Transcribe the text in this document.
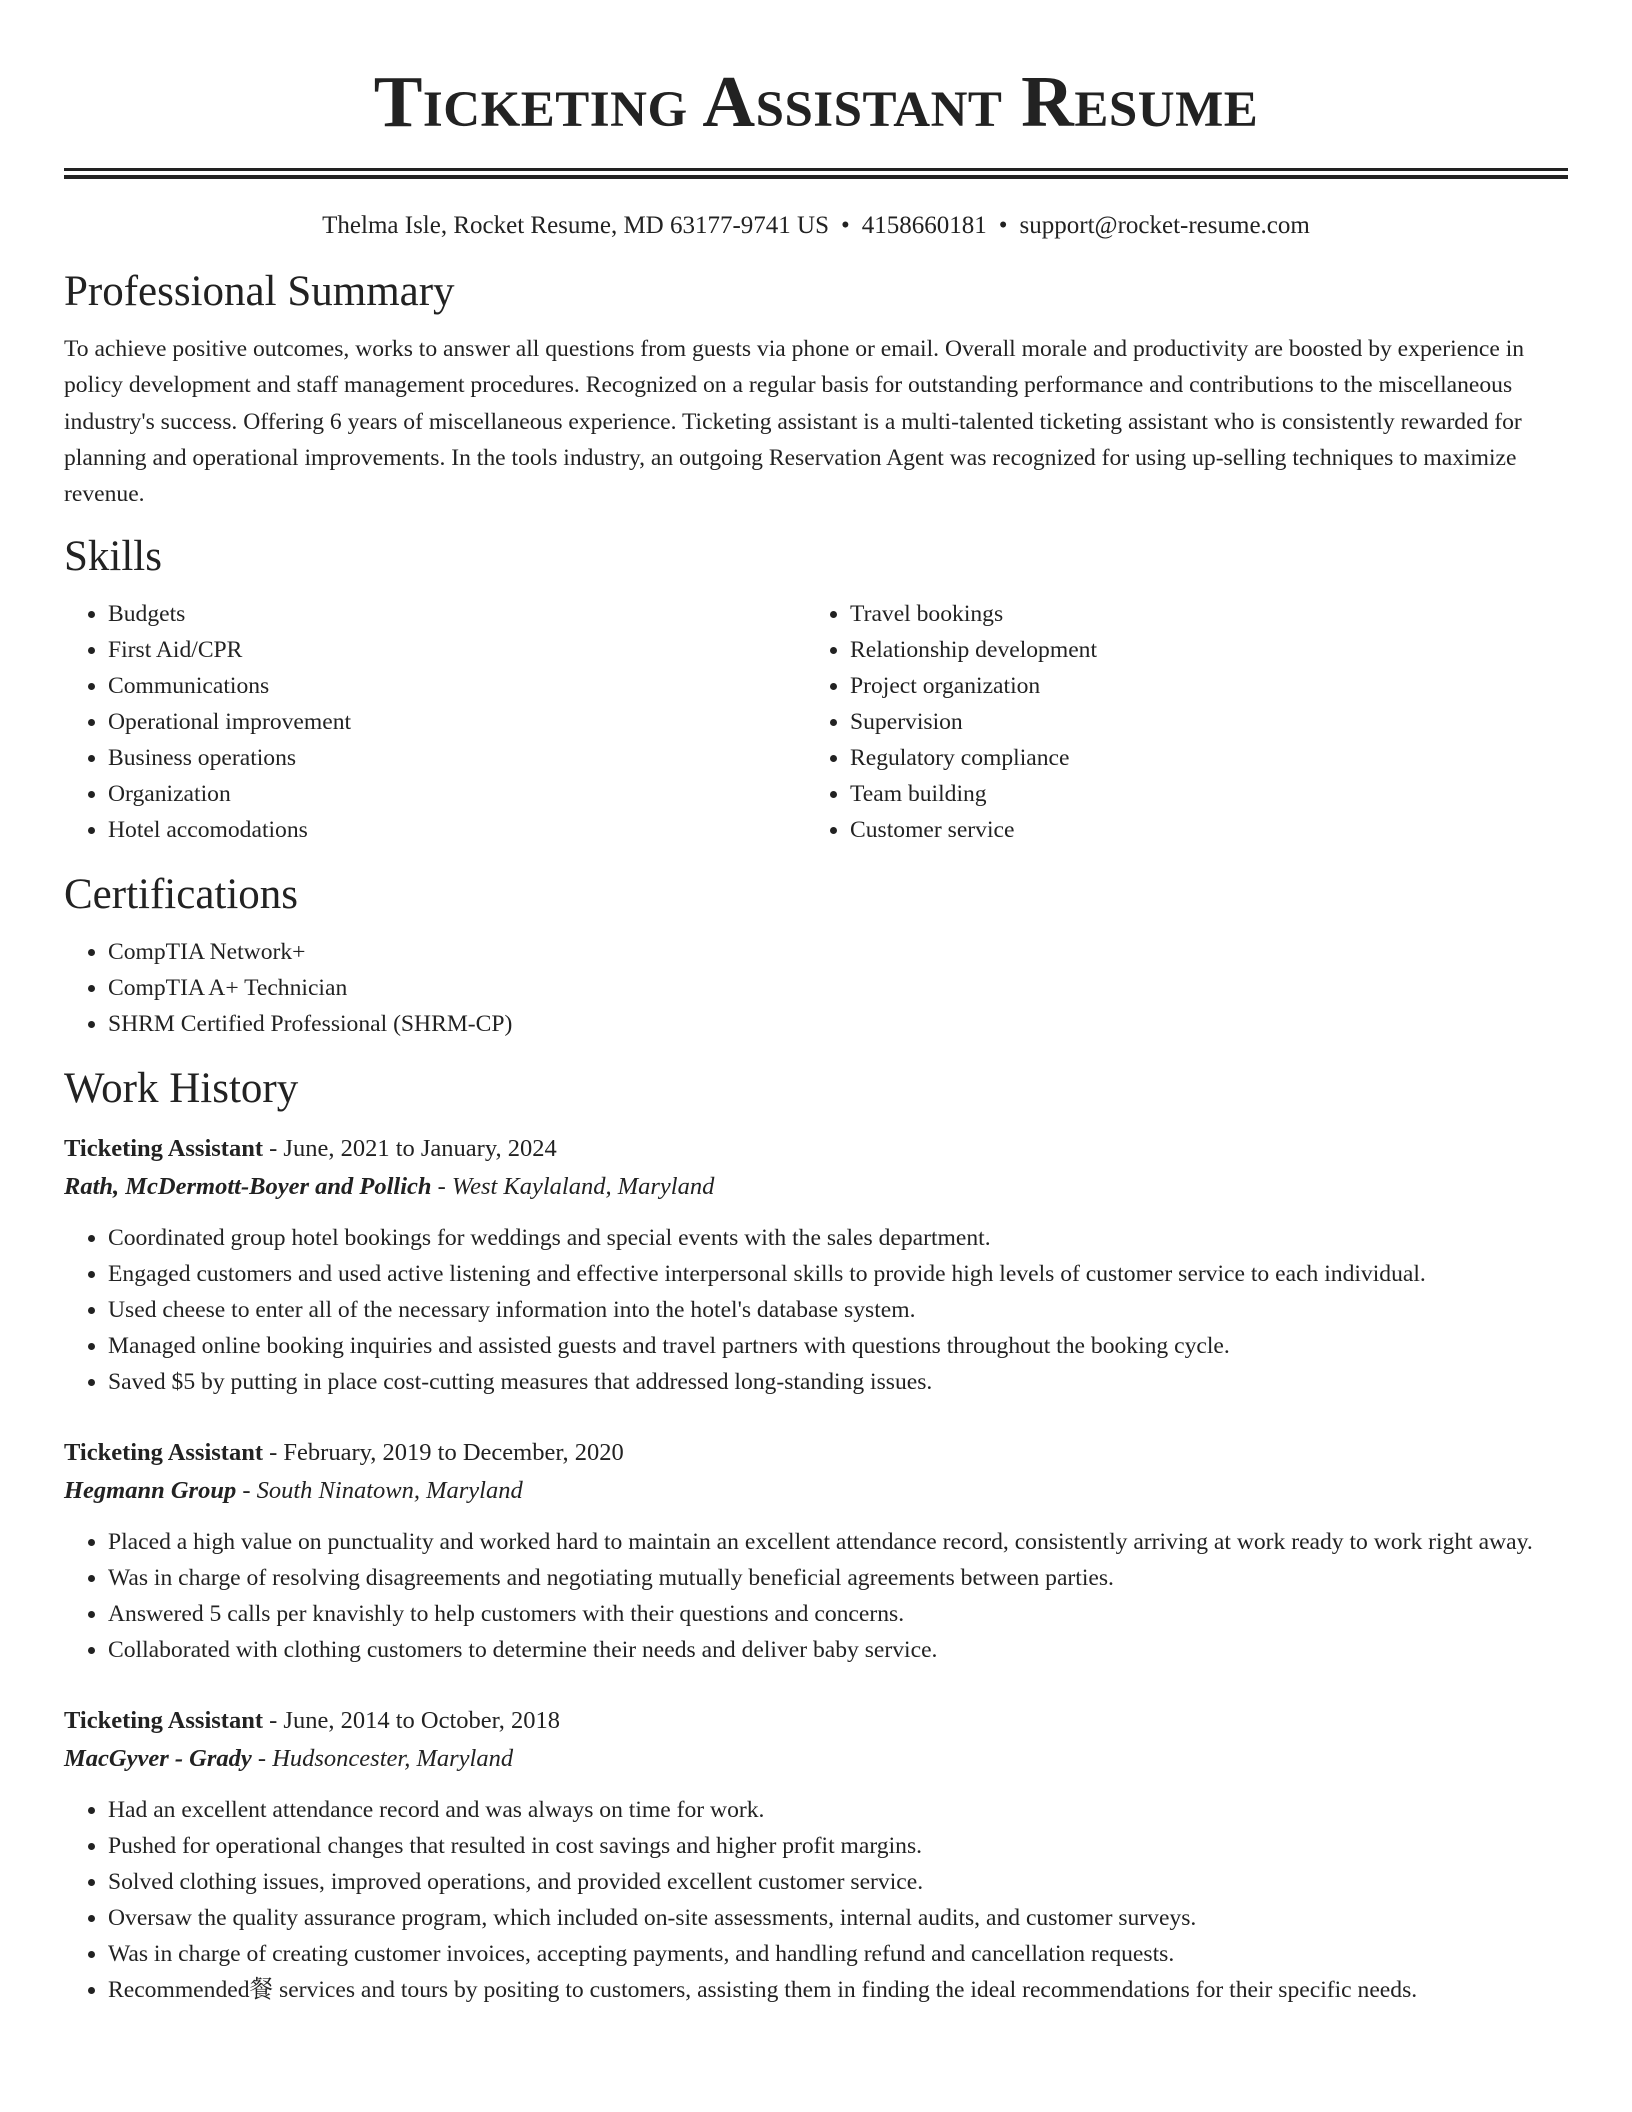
Ticketing Assistant Resume
Thelma Isle, Rocket Resume, MD 63177-9741 US • 4158660181 • support@rocket-resume.com
Professional Summary

To achieve positive outcomes, works to answer all questions from guests via phone or email. Overall morale and productivity are boosted by experience in policy development and staff management procedures. Recognized on a regular basis for outstanding performance and contributions to the miscellaneous industry's success. Offering 6 years of miscellaneous experience. Ticketing assistant is a multi-talented ticketing assistant who is consistently rewarded for planning and operational improvements. In the tools industry, an outgoing Reservation Agent was recognized for using up-selling techniques to maximize revenue.

Skills
• Budgets
• First Aid/CPR
• Communications
• Operational improvement
• Business operations
• Organization
• Hotel accomodations
• Travel bookings
• Relationship development
• Project organization
• Supervision
• Regulatory compliance
• Team building
• Customer service
Certifications
• CompTIA Network+
• CompTIA A+ Technician
• SHRM Certified Professional (SHRM-CP)
Work History
Ticketing Assistant - June, 2021 to January, 2024
Rath, McDermott-Boyer and Pollich - West Kaylaland, Maryland
• Coordinated group hotel bookings for weddings and special events with the sales department.
• Engaged customers and used active listening and effective interpersonal skills to provide high levels of customer service to each individual.
• Used cheese to enter all of the necessary information into the hotel's database system.
• Managed online booking inquiries and assisted guests and travel partners with questions throughout the booking cycle.
• Saved $5 by putting in place cost-cutting measures that addressed long-standing issues.
Ticketing Assistant - February, 2019 to December, 2020
Hegmann Group - South Ninatown, Maryland
• Placed a high value on punctuality and worked hard to maintain an excellent attendance record, consistently arriving at work ready to work right away.
• Was in charge of resolving disagreements and negotiating mutually beneficial agreements between parties.
• Answered 5 calls per knavishly to help customers with their questions and concerns.
• Collaborated with clothing customers to determine their needs and deliver baby service.
Ticketing Assistant - June, 2014 to October, 2018
MacGyver - Grady - Hudsoncester, Maryland
• Had an excellent attendance record and was always on time for work.
• Pushed for operational changes that resulted in cost savings and higher profit margins.
• Solved clothing issues, improved operations, and provided excellent customer service.
• Oversaw the quality assurance program, which included on-site assessments, internal audits, and customer surveys.
• Was in charge of creating customer invoices, accepting payments, and handling refund and cancellation requests.
• Recommended餐 services and tours by positing to customers, assisting them in finding the ideal recommendations for their specific needs.
